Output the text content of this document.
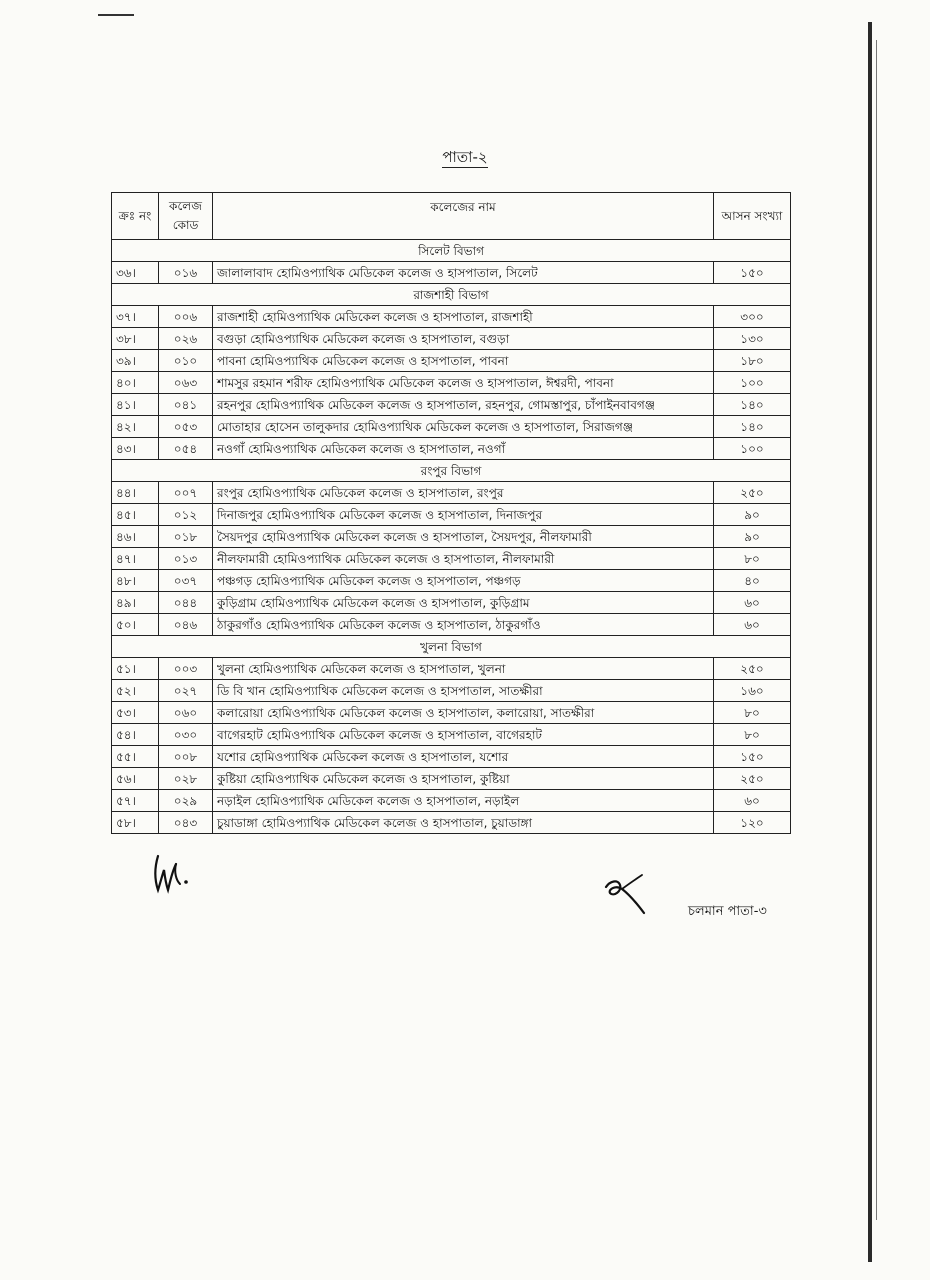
পাতা-২
ক্রঃ নং	কলেজ কোড	কলেজের নাম	আসন সংখ্যা
সিলেট বিভাগ			
৩৬।	০১৬	জালালাবাদ হোমিওপ্যাথিক মেডিকেল কলেজ ও হাসপাতাল, সিলেট	১৫০
রাজশাহী বিভাগ			
৩৭।	০০৬	রাজশাহী হোমিওপ্যাথিক মেডিকেল কলেজ ও হাসপাতাল, রাজশাহী	৩০০
৩৮।	০২৬	বগুড়া হোমিওপ্যাথিক মেডিকেল কলেজ ও হাসপাতাল, বগুড়া	১৩০
৩৯।	০১০	পাবনা হোমিওপ্যাথিক মেডিকেল কলেজ ও হাসপাতাল, পাবনা	১৮০
৪০।	০৬৩	শামসুর রহমান শরীফ হোমিওপ্যাথিক মেডিকেল কলেজ ও হাসপাতাল, ঈশ্বরদী, পাবনা	১০০
৪১।	০৪১	রহনপুর হোমিওপ্যাথিক মেডিকেল কলেজ ও হাসপাতাল, রহনপুর, গোমস্তাপুর, চাঁপাইনবাবগঞ্জ	১৪০
৪২।	০৫৩	মোতাহার হোসেন তালুকদার হোমিওপ্যাথিক মেডিকেল কলেজ ও হাসপাতাল, সিরাজগঞ্জ	১৪০
৪৩।	০৫৪	নওগাঁ হোমিওপ্যাথিক মেডিকেল কলেজ ও হাসপাতাল, নওগাঁ	১০০
রংপুর বিভাগ			
৪৪।	০০৭	রংপুর হোমিওপ্যাথিক মেডিকেল কলেজ ও হাসপাতাল, রংপুর	২৫০
৪৫।	০১২	দিনাজপুর হোমিওপ্যাথিক মেডিকেল কলেজ ও হাসপাতাল, দিনাজপুর	৯০
৪৬।	০১৮	সৈয়দপুর হোমিওপ্যাথিক মেডিকেল কলেজ ও হাসপাতাল, সৈয়দপুর, নীলফামারী	৯০
৪৭।	০১৩	নীলফামারী হোমিওপ্যাথিক মেডিকেল কলেজ ও হাসপাতাল, নীলফামারী	৮০
৪৮।	০৩৭	পঞ্চগড় হোমিওপ্যাথিক মেডিকেল কলেজ ও হাসপাতাল, পঞ্চগড়	৪০
৪৯।	০৪৪	কুড়িগ্রাম হোমিওপ্যাথিক মেডিকেল কলেজ ও হাসপাতাল, কুড়িগ্রাম	৬০
৫০।	০৪৬	ঠাকুরগাঁও হোমিওপ্যাথিক মেডিকেল কলেজ ও হাসপাতাল, ঠাকুরগাঁও	৬০
খুলনা বিভাগ			
৫১।	০০৩	খুলনা হোমিওপ্যাথিক মেডিকেল কলেজ ও হাসপাতাল, খুলনা	২৫০
৫২।	০২৭	ডি বি খান হোমিওপ্যাথিক মেডিকেল কলেজ ও হাসপাতাল, সাতক্ষীরা	১৬০
৫৩।	০৬০	কলারোয়া হোমিওপ্যাথিক মেডিকেল কলেজ ও হাসপাতাল, কলারোয়া, সাতক্ষীরা	৮০
৫৪।	০৩০	বাগেরহাট হোমিওপ্যাথিক মেডিকেল কলেজ ও হাসপাতাল, বাগেরহাট	৮০
৫৫।	০০৮	যশোর হোমিওপ্যাথিক মেডিকেল কলেজ ও হাসপাতাল, যশোর	১৫০
৫৬।	০২৮	কুষ্টিয়া হোমিওপ্যাথিক মেডিকেল কলেজ ও হাসপাতাল, কুষ্টিয়া	২৫০
৫৭।	০২৯	নড়াইল হোমিওপ্যাথিক মেডিকেল কলেজ ও হাসপাতাল, নড়াইল	৬০
৫৮।	০৪৩	চুয়াডাঙ্গা হোমিওপ্যাথিক মেডিকেল কলেজ ও হাসপাতাল, চুয়াডাঙ্গা	১২০
চলমান পাতা-৩
